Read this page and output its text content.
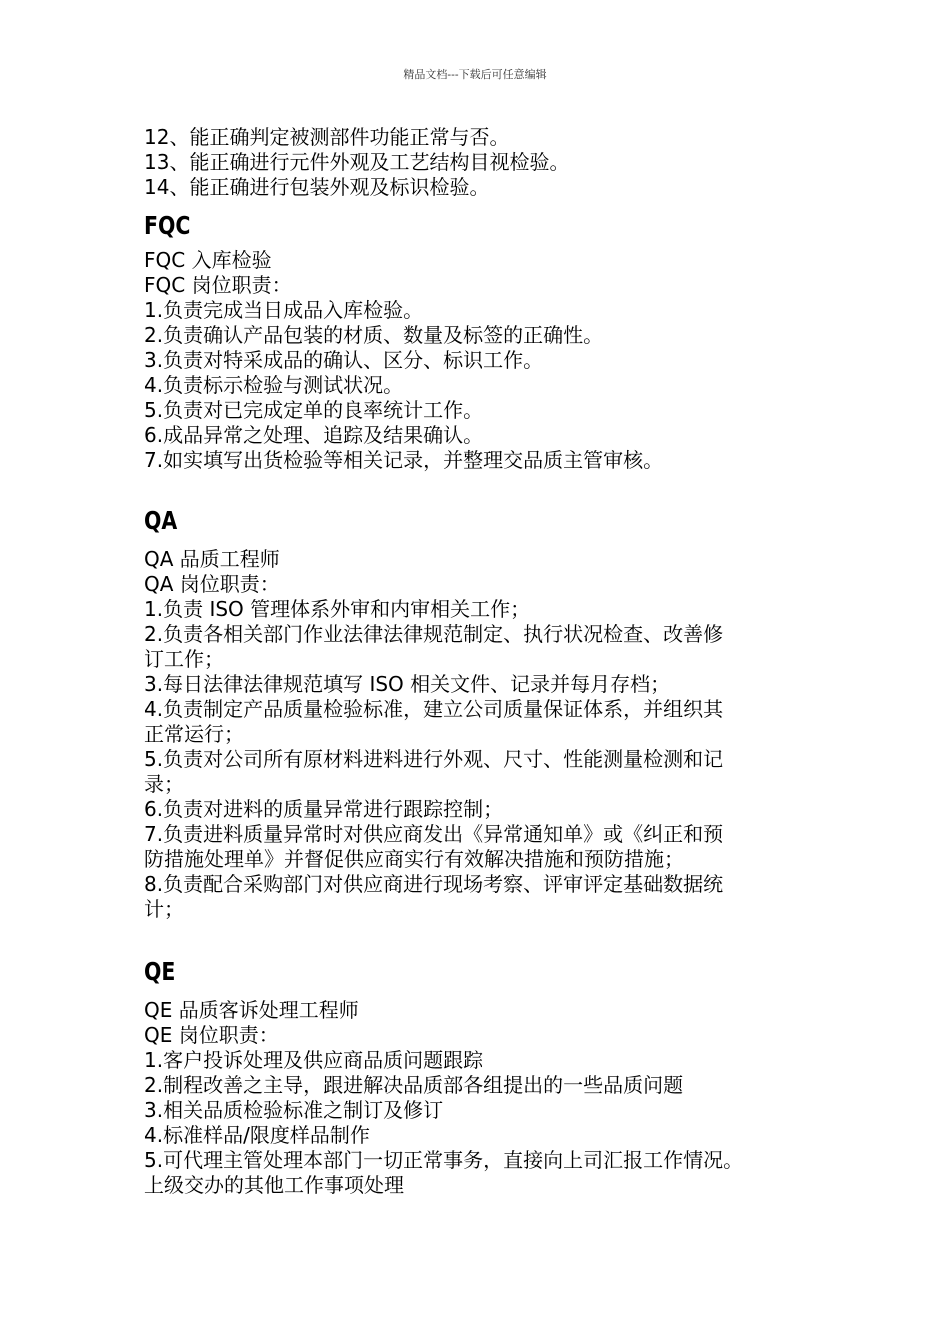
精品文档---下载后可任意编辑
12、能正确判定被测部件功能正常与否。
13、能正确进行元件外观及工艺结构目视检验。
14、能正确进行包装外观及标识检验。
FQC
FQC 入库检验
FQC 岗位职责：
1.负责完成当日成品入库检验。
2.负责确认产品包装的材质、数量及标签的正确性。
3.负责对特采成品的确认、区分、标识工作。
4.负责标示检验与测试状况。
5.负责对已完成定单的良率统计工作。
6.成品异常之处理、追踪及结果确认。
7.如实填写出货检验等相关记录，并整理交品质主管审核。
QA
QA 品质工程师
QA 岗位职责：
1.负责 ISO 管理体系外审和内审相关工作；
2.负责各相关部门作业法律法律规范制定、执行状况检查、改善修
订工作；
3.每日法律法律规范填写 ISO 相关文件、记录并每月存档；
4.负责制定产品质量检验标准，建立公司质量保证体系，并组织其
正常运行；
5.负责对公司所有原材料进料进行外观、尺寸、性能测量检测和记
录；
6.负责对进料的质量异常进行跟踪控制；
7.负责进料质量异常时对供应商发出《异常通知单》或《纠正和预
防措施处理单》并督促供应商实行有效解决措施和预防措施；
8.负责配合采购部门对供应商进行现场考察、评审评定基础数据统
计；
QE
QE 品质客诉处理工程师
QE 岗位职责：
1.客户投诉处理及供应商品质问题跟踪
2.制程改善之主导，跟进解决品质部各组提出的一些品质问题
3.相关品质检验标准之制订及修订
4.标准样品/限度样品制作
5.可代理主管处理本部门一切正常事务，直接向上司汇报工作情况。
上级交办的其他工作事项处理
